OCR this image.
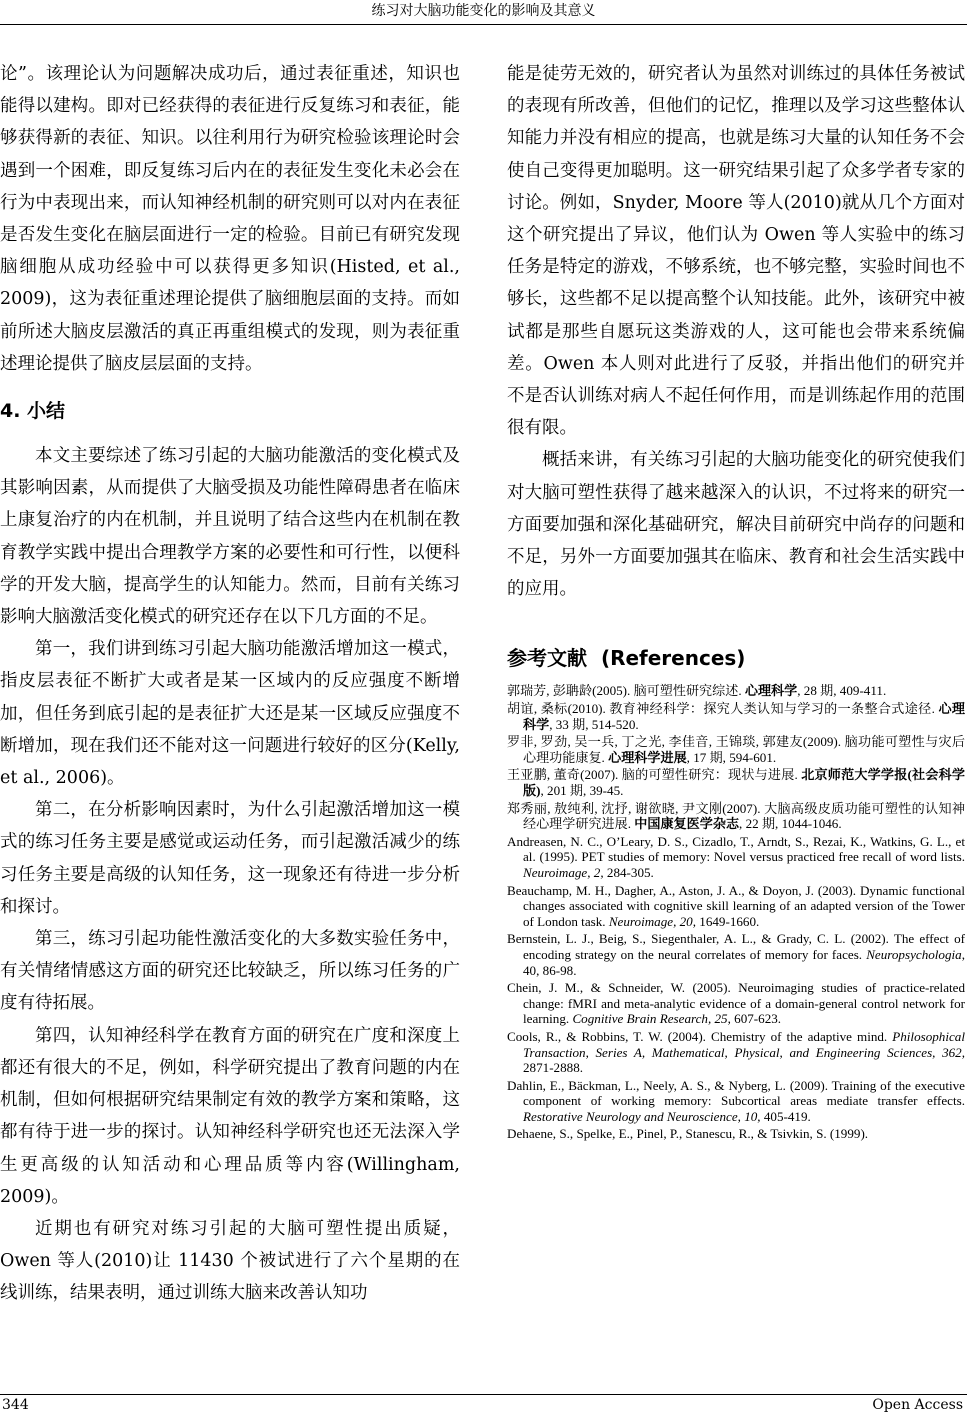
练习对大脑功能变化的影响及其意义

论”。该理论认为问题解决成功后，通过表征重述，知识也能得以建构。即对已经获得的表征进行反复练习和表征，能够获得新的表征、知识。以往利用行为研究检验该理论时会遇到一个困难，即反复练习后内在的表征发生变化未必会在行为中表现出来，而认知神经机制的研究则可以对内在表征是否发生变化在脑层面进行一定的检验。目前已有研究发现脑细胞从成功经验中可以获得更多知识(Histed, et al., 2009)，这为表征重述理论提供了脑细胞层面的支持。而如前所述大脑皮层激活的真正再重组模式的发现，则为表征重述理论提供了脑皮层层面的支持。

4. 小结

本文主要综述了练习引起的大脑功能激活的变化模式及其影响因素，从而提供了大脑受损及功能性障碍患者在临床上康复治疗的内在机制，并且说明了结合这些内在机制在教育教学实践中提出合理教学方案的必要性和可行性，以便科学的开发大脑，提高学生的认知能力。然而，目前有关练习影响大脑激活变化模式的研究还存在以下几方面的不足。

第一，我们讲到练习引起大脑功能激活增加这一模式，指皮层表征不断扩大或者是某一区域内的反应强度不断增加，但任务到底引起的是表征扩大还是某一区域反应强度不断增加，现在我们还不能对这一问题进行较好的区分(Kelly, et al., 2006)。

第二，在分析影响因素时，为什么引起激活增加这一模式的练习任务主要是感觉或运动任务，而引起激活减少的练习任务主要是高级的认知任务，这一现象还有待进一步分析和探讨。

第三，练习引起功能性激活变化的大多数实验任务中，有关情绪情感这方面的研究还比较缺乏，所以练习任务的广度有待拓展。

第四，认知神经科学在教育方面的研究在广度和深度上都还有很大的不足，例如，科学研究提出了教育问题的内在机制，但如何根据研究结果制定有效的教学方案和策略，这都有待于进一步的探讨。认知神经科学研究也还无法深入学生更高级的认知活动和心理品质等内容(Willingham, 2009)。

近期也有研究对练习引起的大脑可塑性提出质疑，Owen 等人(2010)让 11430 个被试进行了六个星期的在线训练，结果表明，通过训练大脑来改善认知功

能是徒劳无效的，研究者认为虽然对训练过的具体任务被试的表现有所改善，但他们的记忆，推理以及学习这些整体认知能力并没有相应的提高，也就是练习大量的认知任务不会使自己变得更加聪明。这一研究结果引起了众多学者专家的讨论。例如，Snyder, Moore 等人(2010)就从几个方面对这个研究提出了异议，他们认为 Owen 等人实验中的练习任务是特定的游戏，不够系统，也不够完整，实验时间也不够长，这些都不足以提高整个认知技能。此外，该研究中被试都是那些自愿玩这类游戏的人，这可能也会带来系统偏差。Owen 本人则对此进行了反驳，并指出他们的研究并不是否认训练对病人不起任何作用，而是训练起作用的范围很有限。

概括来讲，有关练习引起的大脑功能变化的研究使我们对大脑可塑性获得了越来越深入的认识，不过将来的研究一方面要加强和深化基础研究，解决目前研究中尚存的问题和不足，另外一方面要加强其在临床、教育和社会生活实践中的应用。

参考文献 (References)

郭瑞芳, 彭聃龄(2005). 脑可塑性研究综述. 心理科学, 28 期, 409-411.

胡谊, 桑标(2010). 教育神经科学：探究人类认知与学习的一条整合式途径. 心理科学, 33 期, 514-520.

罗非, 罗劲, 吴一兵, 丁之光, 李佳音, 王锦琰, 郭建友(2009). 脑功能可塑性与灾后心理功能康复. 心理科学进展, 17 期, 594-601.

王亚鹏, 董奇(2007). 脑的可塑性研究：现状与进展. 北京师范大学学报(社会科学版), 201 期, 39-45.

郑秀丽, 敖纯利, 沈抒, 谢欲晓, 尹文刚(2007). 大脑高级皮质功能可塑性的认知神经心理学研究进展. 中国康复医学杂志, 22 期, 1044-1046.

Andreasen, N. C., O’Leary, D. S., Cizadlo, T., Arndt, S., Rezai, K., Watkins, G. L., et al. (1995). PET studies of memory: Novel versus practiced free recall of word lists. Neuroimage, 2, 284-305.

Beauchamp, M. H., Dagher, A., Aston, J. A., & Doyon, J. (2003). Dynamic functional changes associated with cognitive skill learning of an adapted version of the Tower of London task. Neuroimage, 20, 1649-1660.

Bernstein, L. J., Beig, S., Siegenthaler, A. L., & Grady, C. L. (2002). The effect of encoding strategy on the neural correlates of memory for faces. Neuropsychologia, 40, 86-98.

Chein, J. M., & Schneider, W. (2005). Neuroimaging studies of practice-related change: fMRI and meta-analytic evidence of a domain-general control network for learning. Cognitive Brain Research, 25, 607-623.

Cools, R., & Robbins, T. W. (2004). Chemistry of the adaptive mind. Philosophical Transaction, Series A, Mathematical, Physical, and Engineering Sciences, 362, 2871-2888.

Dahlin, E., Bäckman, L., Neely, A. S., & Nyberg, L. (2009). Training of the executive component of working memory: Subcortical areas mediate transfer effects. Restorative Neurology and Neuroscience, 10, 405-419.

Dehaene, S., Spelke, E., Pinel, P., Stanescu, R., & Tsivkin, S. (1999).

344	Open Access
